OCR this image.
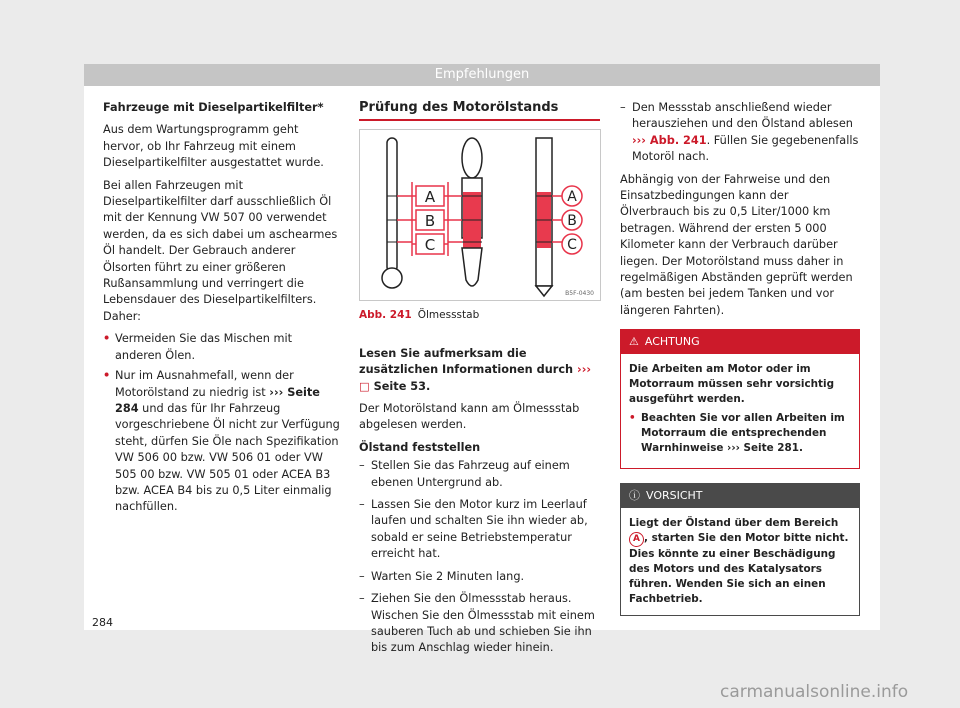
Empfehlungen

Fahrzeuge mit Dieselpartikelfilter*

Aus dem Wartungsprogramm geht hervor, ob Ihr Fahrzeug mit einem Dieselpartikelfilter ausgestattet wurde.

Bei allen Fahrzeugen mit Dieselpartikelfilter darf ausschließlich Öl mit der Kennung VW 507 00 verwendet werden, da es sich dabei um aschearmes Öl handelt. Der Gebrauch anderer Ölsorten führt zu einer größeren Rußansammlung und verringert die Lebensdauer des Dieselpartikelfilters. Daher:

• Vermeiden Sie das Mischen mit anderen Ölen.
• Nur im Ausnahmefall, wenn der Motorölstand zu niedrig ist ››› Seite 284 und das für Ihr Fahrzeug vorgeschriebene Öl nicht zur Verfügung steht, dürfen Sie Öle nach Spezifikation VW 506 00 bzw. VW 506 01 oder VW 505 00 bzw. VW 505 01 oder ACEA B3 bzw. ACEA B4 bis zu 0,5 Liter einmalig nachfüllen.
Prüfung des Motorölstands
A
B
C
A
B
C
B5F-0430
Abb. 241 Ölmessstab

Lesen Sie aufmerksam die zusätzlichen Informationen durch ››› □ Seite 53.

Der Motorölstand kann am Ölmessstab abgelesen werden.

Ölstand feststellen

– Stellen Sie das Fahrzeug auf einem ebenen Untergrund ab.
– Lassen Sie den Motor kurz im Leerlauf laufen und schalten Sie ihn wieder ab, sobald er seine Betriebstemperatur erreicht hat.
– Warten Sie 2 Minuten lang.
– Ziehen Sie den Ölmessstab heraus. Wischen Sie den Ölmessstab mit einem sauberen Tuch ab und schieben Sie ihn bis zum Anschlag wieder hinein.
– Den Messstab anschließend wieder herausziehen und den Ölstand ablesen ››› Abb. 241. Füllen Sie gegebenenfalls Motoröl nach.

Abhängig von der Fahrweise und den Einsatzbedingungen kann der Ölverbrauch bis zu 0,5 Liter/1000 km betragen. Während der ersten 5 000 Kilometer kann der Verbrauch darüber liegen. Der Motorölstand muss daher in regelmäßigen Abständen geprüft werden (am besten bei jedem Tanken und vor längeren Fahrten).

⚠ ACHTUNG
Die Arbeiten am Motor oder im Motorraum müssen sehr vorsichtig ausgeführt werden.
• Beachten Sie vor allen Arbeiten im Motorraum die entsprechenden Warnhinweise ››› Seite 281.
ⓘ VORSICHT
Liegt der Ölstand über dem Bereich A , starten Sie den Motor bitte nicht. Dies könnte zu einer Beschädigung des Motors und des Katalysators führen. Wenden Sie sich an einen Fachbetrieb.
284
carmanualsonline.info
